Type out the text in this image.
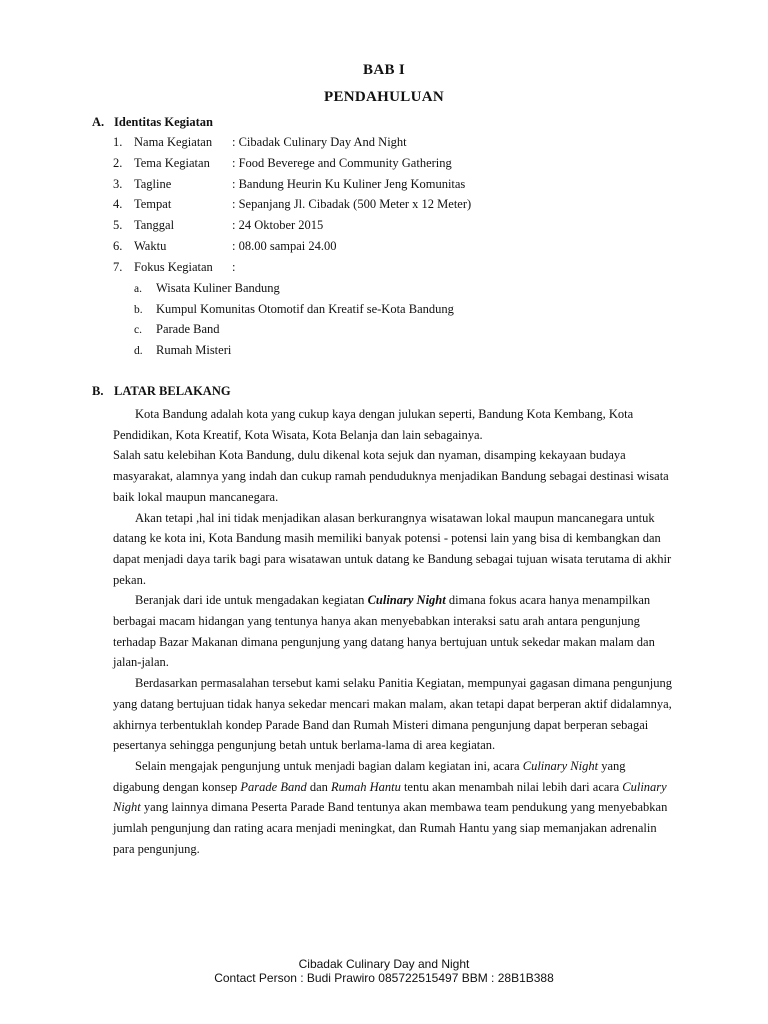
BAB I
PENDAHULUAN
A. Identitas Kegiatan
1. Nama Kegiatan : Cibadak Culinary Day And Night
2. Tema Kegiatan : Food Beverege and Community Gathering
3. Tagline	: Bandung Heurin Ku Kuliner Jeng Komunitas
4. Tempat	: Sepanjang Jl. Cibadak (500 Meter x 12 Meter)
5. Tanggal	: 24 Oktober 2015
6. Waktu	: 08.00 sampai 24.00
7. Fokus Kegiatan :
a. Wisata Kuliner Bandung
b. Kumpul Komunitas Otomotif dan Kreatif se-Kota Bandung
c. Parade Band
d. Rumah Misteri
B. LATAR BELAKANG

Kota Bandung adalah kota yang cukup kaya dengan julukan seperti, Bandung Kota Kembang, Kota Pendidikan, Kota Kreatif, Kota Wisata, Kota Belanja dan lain sebagainya.

Salah satu kelebihan Kota Bandung, dulu dikenal kota sejuk dan nyaman, disamping kekayaan budaya masyarakat, alamnya yang indah dan cukup ramah penduduknya menjadikan Bandung sebagai destinasi wisata baik lokal maupun mancanegara.

Akan tetapi ,hal ini tidak menjadikan alasan berkurangnya wisatawan lokal maupun mancanegara untuk datang ke kota ini, Kota Bandung masih memiliki banyak potensi - potensi lain yang bisa di kembangkan dan dapat menjadi daya tarik bagi para wisatawan untuk datang ke Bandung sebagai tujuan wisata terutama di akhir pekan.

Beranjak dari ide untuk mengadakan kegiatan Culinary Night dimana fokus acara hanya menampilkan berbagai macam hidangan yang tentunya hanya akan menyebabkan interaksi satu arah antara pengunjung terhadap Bazar Makanan dimana pengunjung yang datang hanya bertujuan untuk sekedar makan malam dan jalan-jalan.

Berdasarkan permasalahan tersebut kami selaku Panitia Kegiatan, mempunyai gagasan dimana pengunjung yang datang bertujuan tidak hanya sekedar mencari makan malam, akan tetapi dapat berperan aktif didalamnya, akhirnya terbentuklah kondep Parade Band dan Rumah Misteri dimana pengunjung dapat berperan sebagai pesertanya sehingga pengunjung betah untuk berlama-lama di area kegiatan.

Selain mengajak pengunjung untuk menjadi bagian dalam kegiatan ini, acara Culinary Night yang digabung dengan konsep Parade Band dan Rumah Hantu tentu akan menambah nilai lebih dari acara Culinary Night yang lainnya dimana Peserta Parade Band tentunya akan membawa team pendukung yang menyebabkan jumlah pengunjung dan rating acara menjadi meningkat, dan Rumah Hantu yang siap memanjakan adrenalin para pengunjung.

Cibadak Culinary Day and Night
Contact Person : Budi Prawiro 085722515497 BBM : 28B1B388
